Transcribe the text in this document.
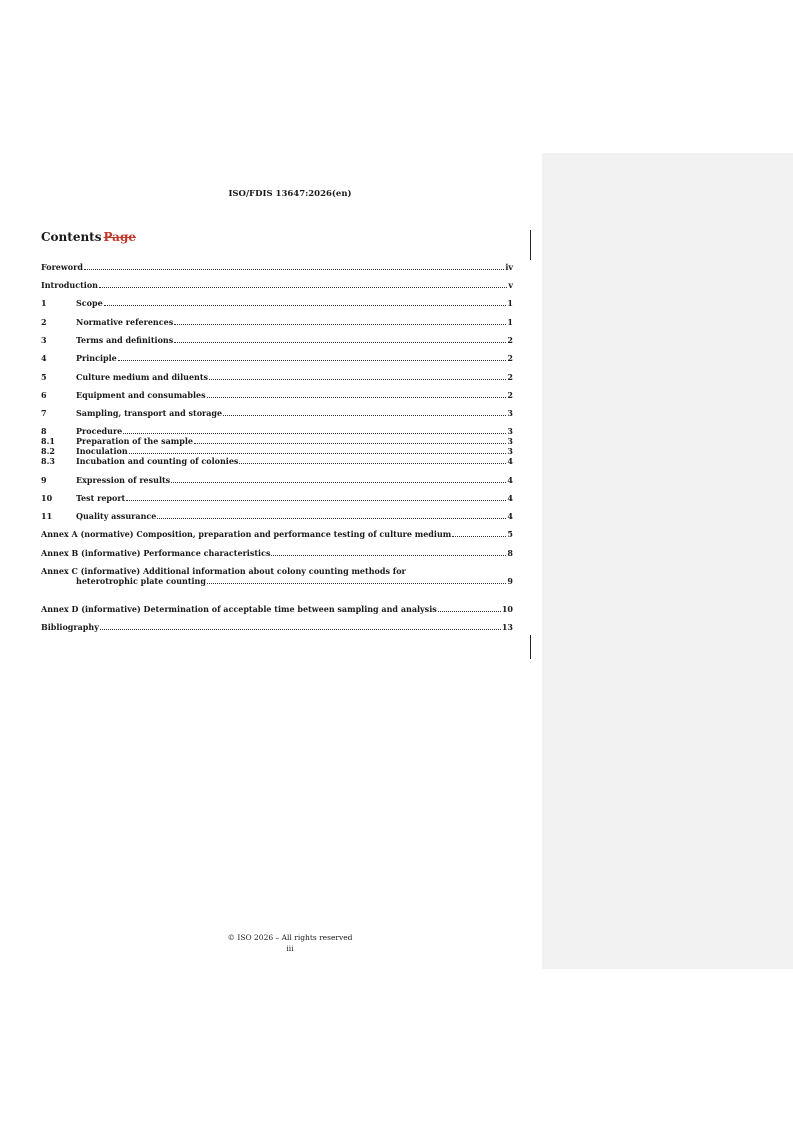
ISO/FDIS 13647:2026(en)
Contents Page
Foreword	iv
Introduction	v
1	Scope	1
2	Normative references	1
3	Terms and definitions	2
4	Principle	2
5	Culture medium and diluents	2
6	Equipment and consumables	2
7	Sampling, transport and storage	3
8	Procedure	3
8.1	Preparation of the sample	3
8.2	Inoculation	3
8.3	Incubation and counting of colonies	4
9	Expression of results	4
10	Test report	4
11	Quality assurance	4
Annex A (normative) Composition, preparation and performance testing of culture medium	5
Annex B (informative) Performance characteristics	8
Annex C (informative) Additional information about colony counting methods for
heterotrophic plate counting	9
Annex D (informative) Determination of acceptable time between sampling and analysis	10
Bibliography	13
© ISO 2026 – All rights reserved
iii
